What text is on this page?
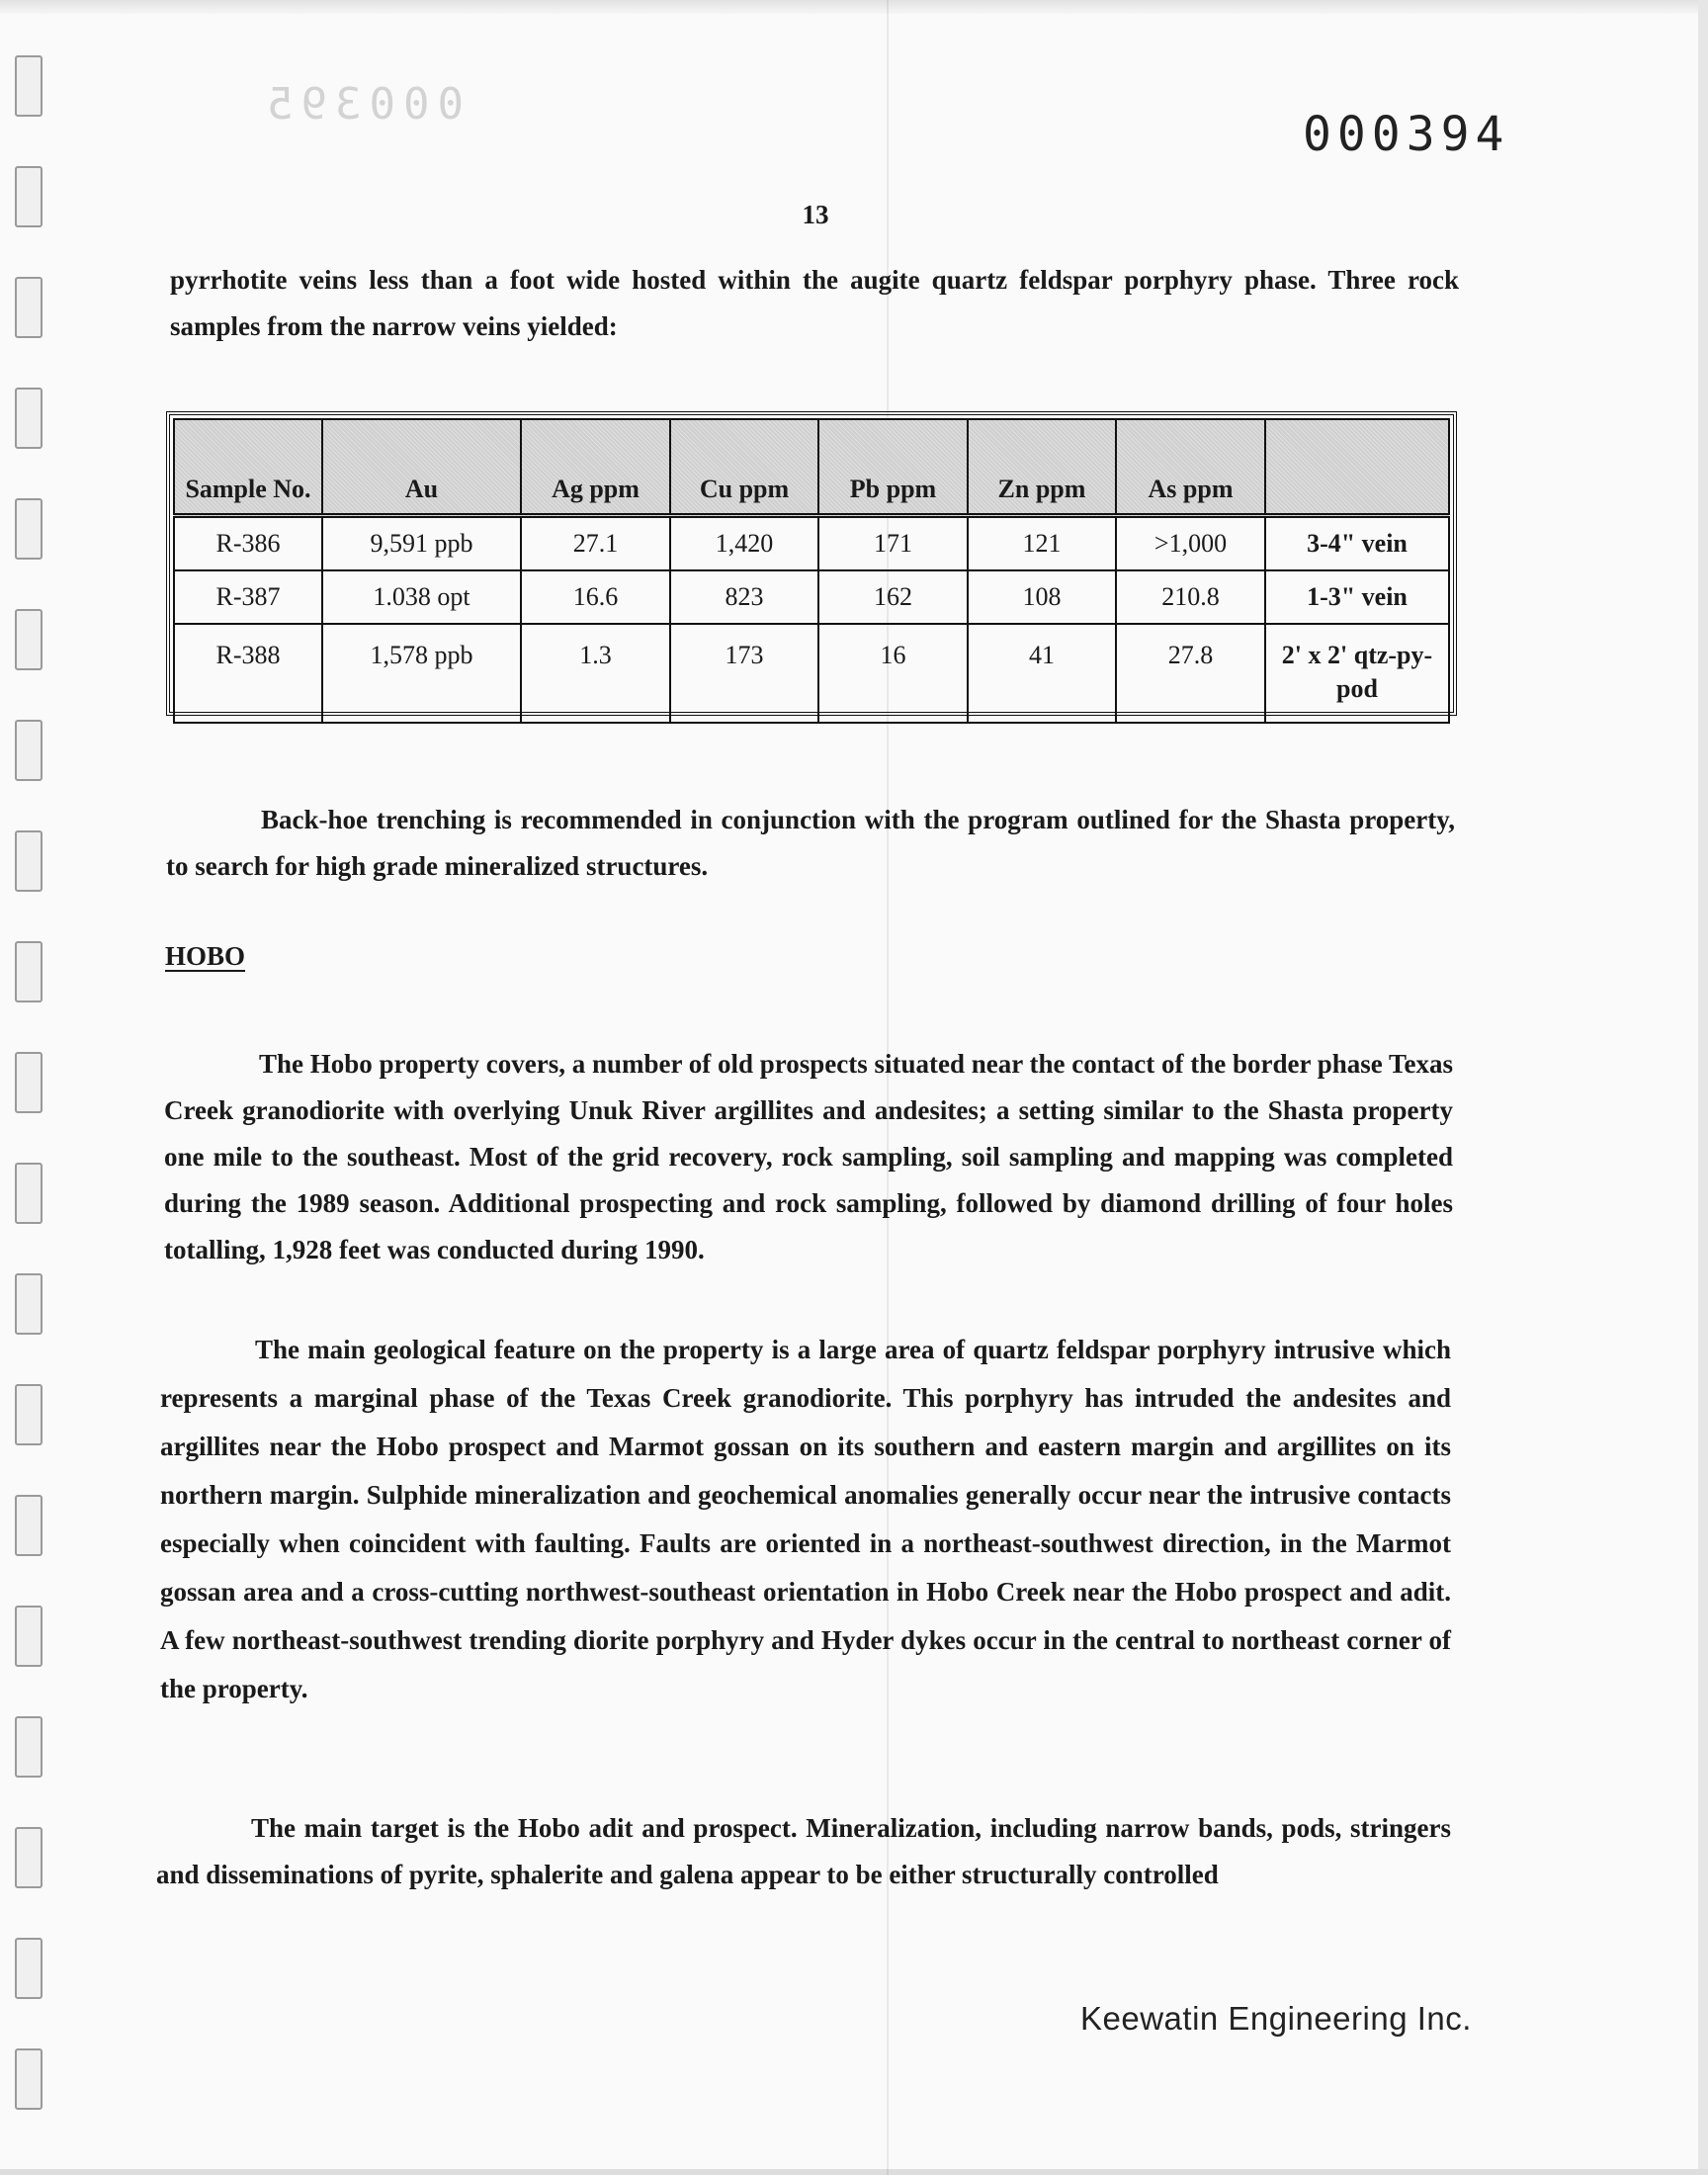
000395
000394
13

pyrrhotite veins less than a foot wide hosted within the augite quartz feldspar porphyry phase. Three rock samples from the narrow veins yielded:

Sample No.	Au	Ag ppm	Cu ppm	Pb ppm	Zn ppm	As ppm	
R-386	9,591 ppb	27.1	1,420	171	121	>1,000	3-4" vein
R-387	1.038 opt	16.6	823	162	108	210.8	1-3" vein
R-388	1,578 ppb	1.3	173	16	41	27.8	2' x 2' qtz-py-pod

Back-hoe trenching is recommended in conjunction with the program outlined for the Shasta property, to search for high grade mineralized structures.

HOBO

The Hobo property covers, a number of old prospects situated near the contact of the border phase Texas Creek granodiorite with overlying Unuk River argillites and andesites; a setting similar to the Shasta property one mile to the southeast. Most of the grid recovery, rock sampling, soil sampling and mapping was completed during the 1989 season. Additional prospecting and rock sampling, followed by diamond drilling of four holes totalling, 1,928 feet was conducted during 1990.

The main geological feature on the property is a large area of quartz feldspar porphyry intrusive which represents a marginal phase of the Texas Creek granodiorite. This porphyry has intruded the andesites and argillites near the Hobo prospect and Marmot gossan on its southern and eastern margin and argillites on its northern margin. Sulphide mineralization and geochemical anomalies generally occur near the intrusive contacts especially when coincident with faulting. Faults are oriented in a northeast-southwest direction, in the Marmot gossan area and a cross-cutting northwest-southeast orientation in Hobo Creek near the Hobo prospect and adit. A few northeast-southwest trending diorite porphyry and Hyder dykes occur in the central to northeast corner of the property.

The main target is the Hobo adit and prospect. Mineralization, including narrow bands, pods, stringers and disseminations of pyrite, sphalerite and galena appear to be either structurally controlled

Keewatin Engineering Inc.
